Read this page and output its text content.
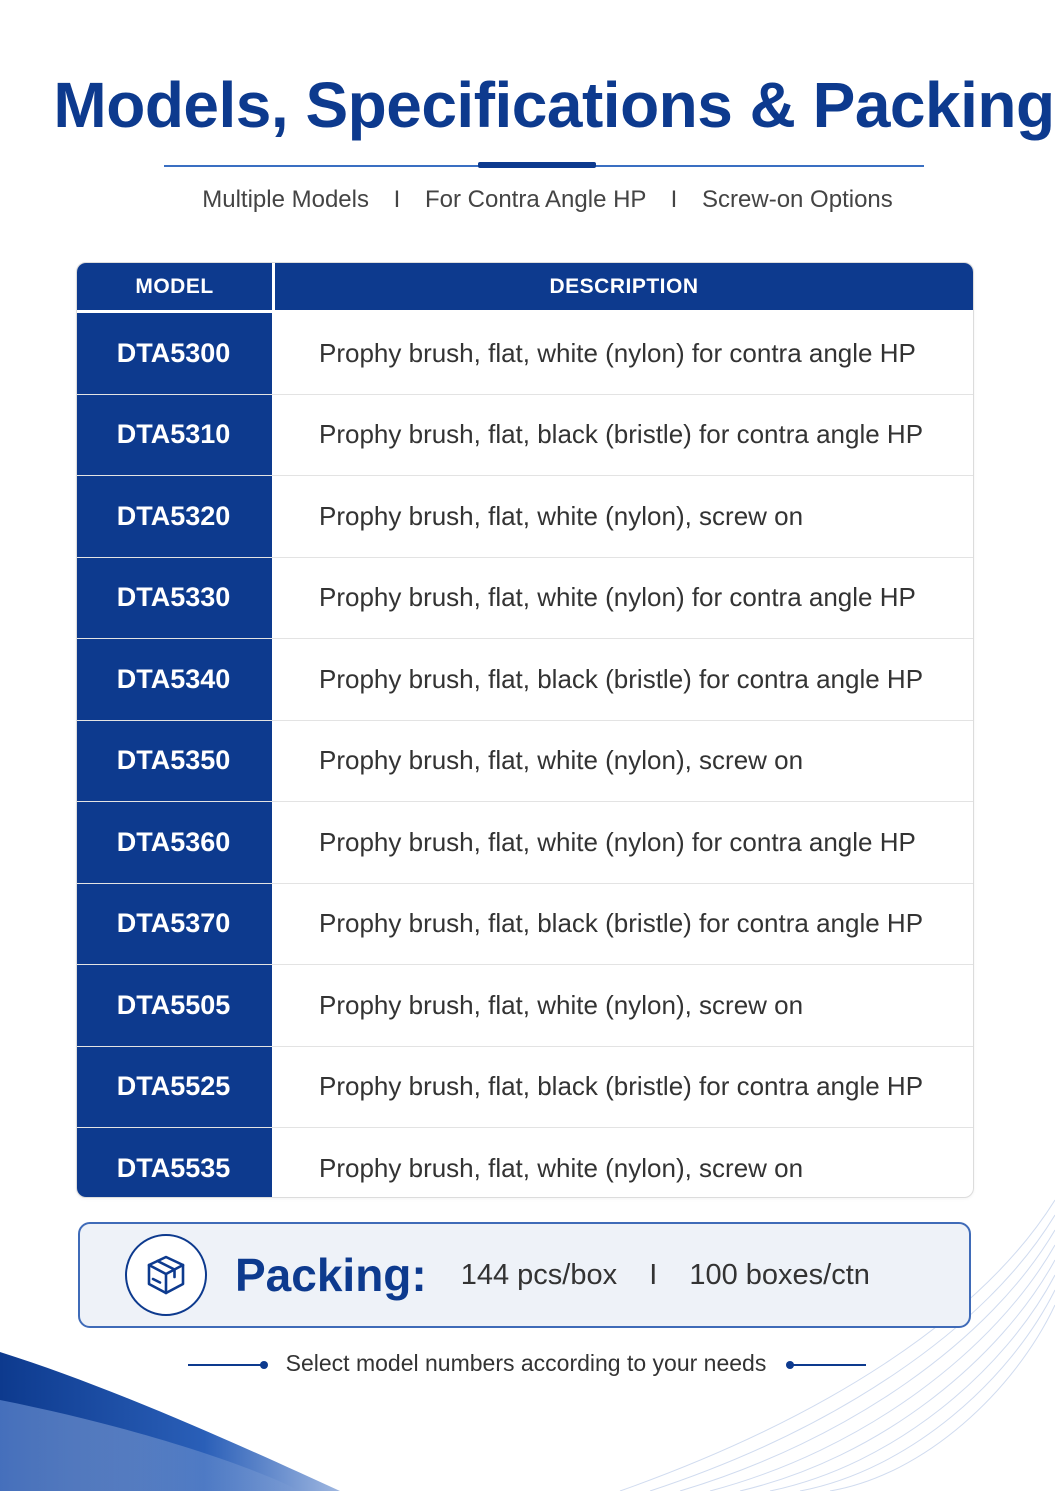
Models, Specifications & Packing
Multiple Models I For Contra Angle HP I Screw-on Options
MODEL	DESCRIPTION
DTA5300	Prophy brush, flat, white (nylon) for contra angle HP
DTA5310	Prophy brush, flat, black (bristle) for contra angle HP
DTA5320	Prophy brush, flat, white (nylon), screw on
DTA5330	Prophy brush, flat, white (nylon) for contra angle HP
DTA5340	Prophy brush, flat, black (bristle) for contra angle HP
DTA5350	Prophy brush, flat, white (nylon), screw on
DTA5360	Prophy brush, flat, white (nylon) for contra angle HP
DTA5370	Prophy brush, flat, black (bristle) for contra angle HP
DTA5505	Prophy brush, flat, white (nylon), screw on
DTA5525	Prophy brush, flat, black (bristle) for contra angle HP
DTA5535	Prophy brush, flat, white (nylon), screw on
Packing: 144 pcs/box I 100 boxes/ctn
Select model numbers according to your needs
